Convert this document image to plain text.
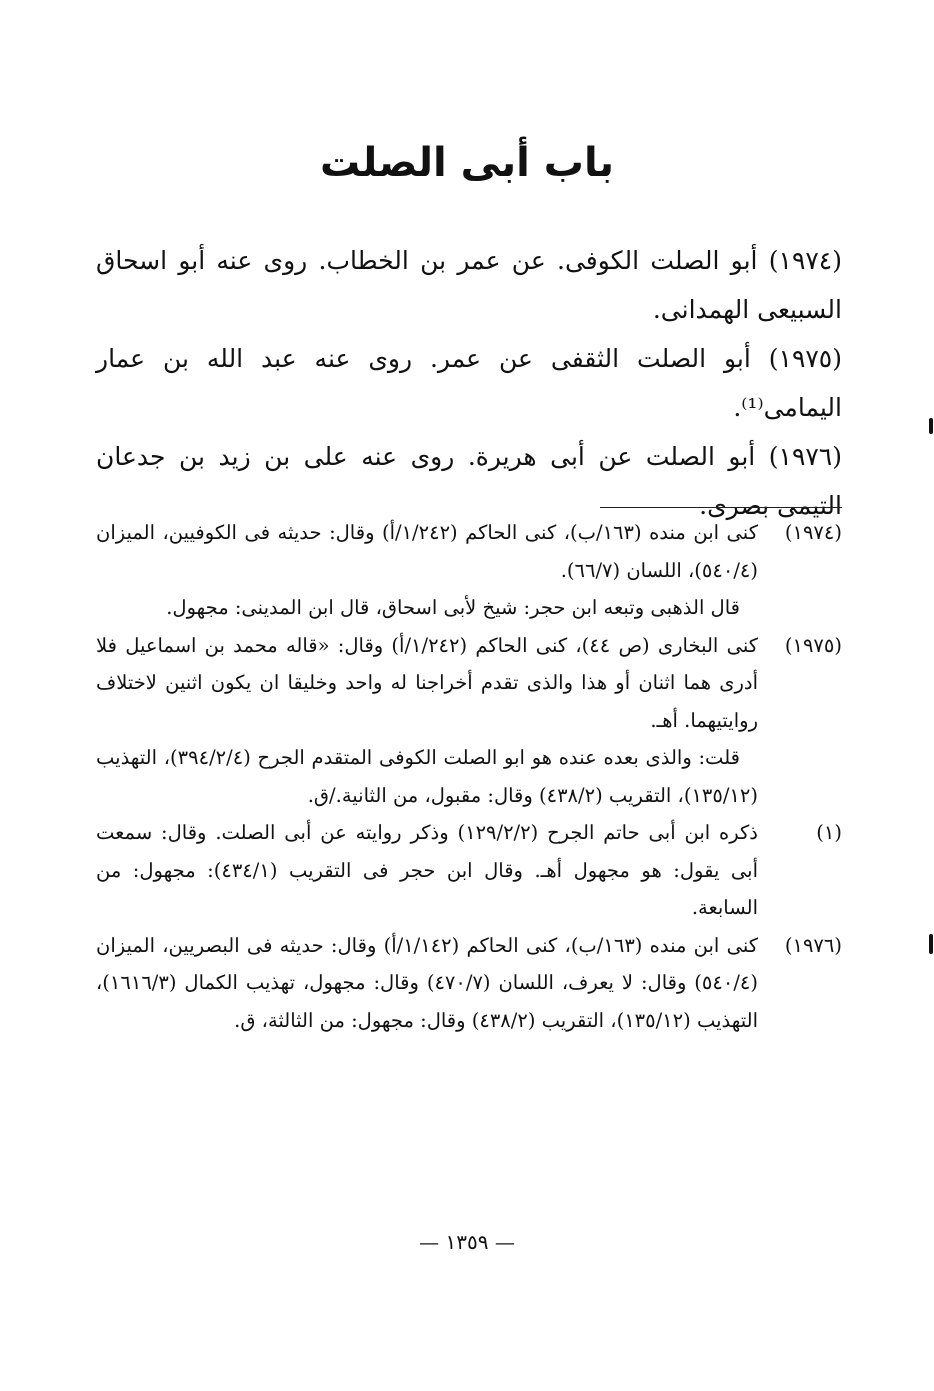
باب أبى الصلت

(١٩٧٤) أبو الصلت الكوفى. عن عمر بن الخطاب. روى عنه أبو اسحاق السبيعى الهمدانى.

(١٩٧٥) أبو الصلت الثقفى عن عمر. روى عنه عبد الله بن عمار اليمامى⁽¹⁾.

(١٩٧٦) أبو الصلت عن أبى هريرة. روى عنه على بن زيد بن جدعان التيمى بصرى.

(١٩٧٤)

كنى ابن منده (١٦٣/ب)، كنى الحاكم (١/٢٤٢/أ) وقال: حديثه فى الكوفيين، الميزان (٥٤٠/٤)، اللسان (٦٦/٧).

قال الذهبى وتبعه ابن حجر: شيخ لأبى اسحاق، قال ابن المدينى: مجهول.

(١٩٧٥)

كنى البخارى (ص ٤٤)، كنى الحاكم (١/٢٤٢/أ) وقال: «قاله محمد بن اسماعيل فلا أدرى هما اثنان أو هذا والذى تقدم أخراجنا له واحد وخليقا ان يكون اثنين لاختلاف روايتيهما. أهـ.

قلت: والذى بعده عنده هو ابو الصلت الكوفى المتقدم الجرح (٣٩٤/٢/٤)، التهذيب (١٣٥/١٢)، التقريب (٤٣٨/٢) وقال: مقبول، من الثانية./ق.

(١)

ذكره ابن أبى حاتم الجرح (١٢٩/٢/٢) وذكر روايته عن أبى الصلت. وقال: سمعت أبى يقول: هو مجهول أهـ. وقال ابن حجر فى التقريب (٤٣٤/١): مجهول: من السابعة.

(١٩٧٦)

كنى ابن منده (١٦٣/ب)، كنى الحاكم (١/١٤٢/أ) وقال: حديثه فى البصريين، الميزان (٥٤٠/٤) وقال: لا يعرف، اللسان (٤٧٠/٧) وقال: مجهول، تهذيب الكمال (١٦١٦/٣)، التهذيب (١٣٥/١٢)، التقريب (٤٣٨/٢) وقال: مجهول: من الثالثة، ق.

— ١٣٥٩ —
